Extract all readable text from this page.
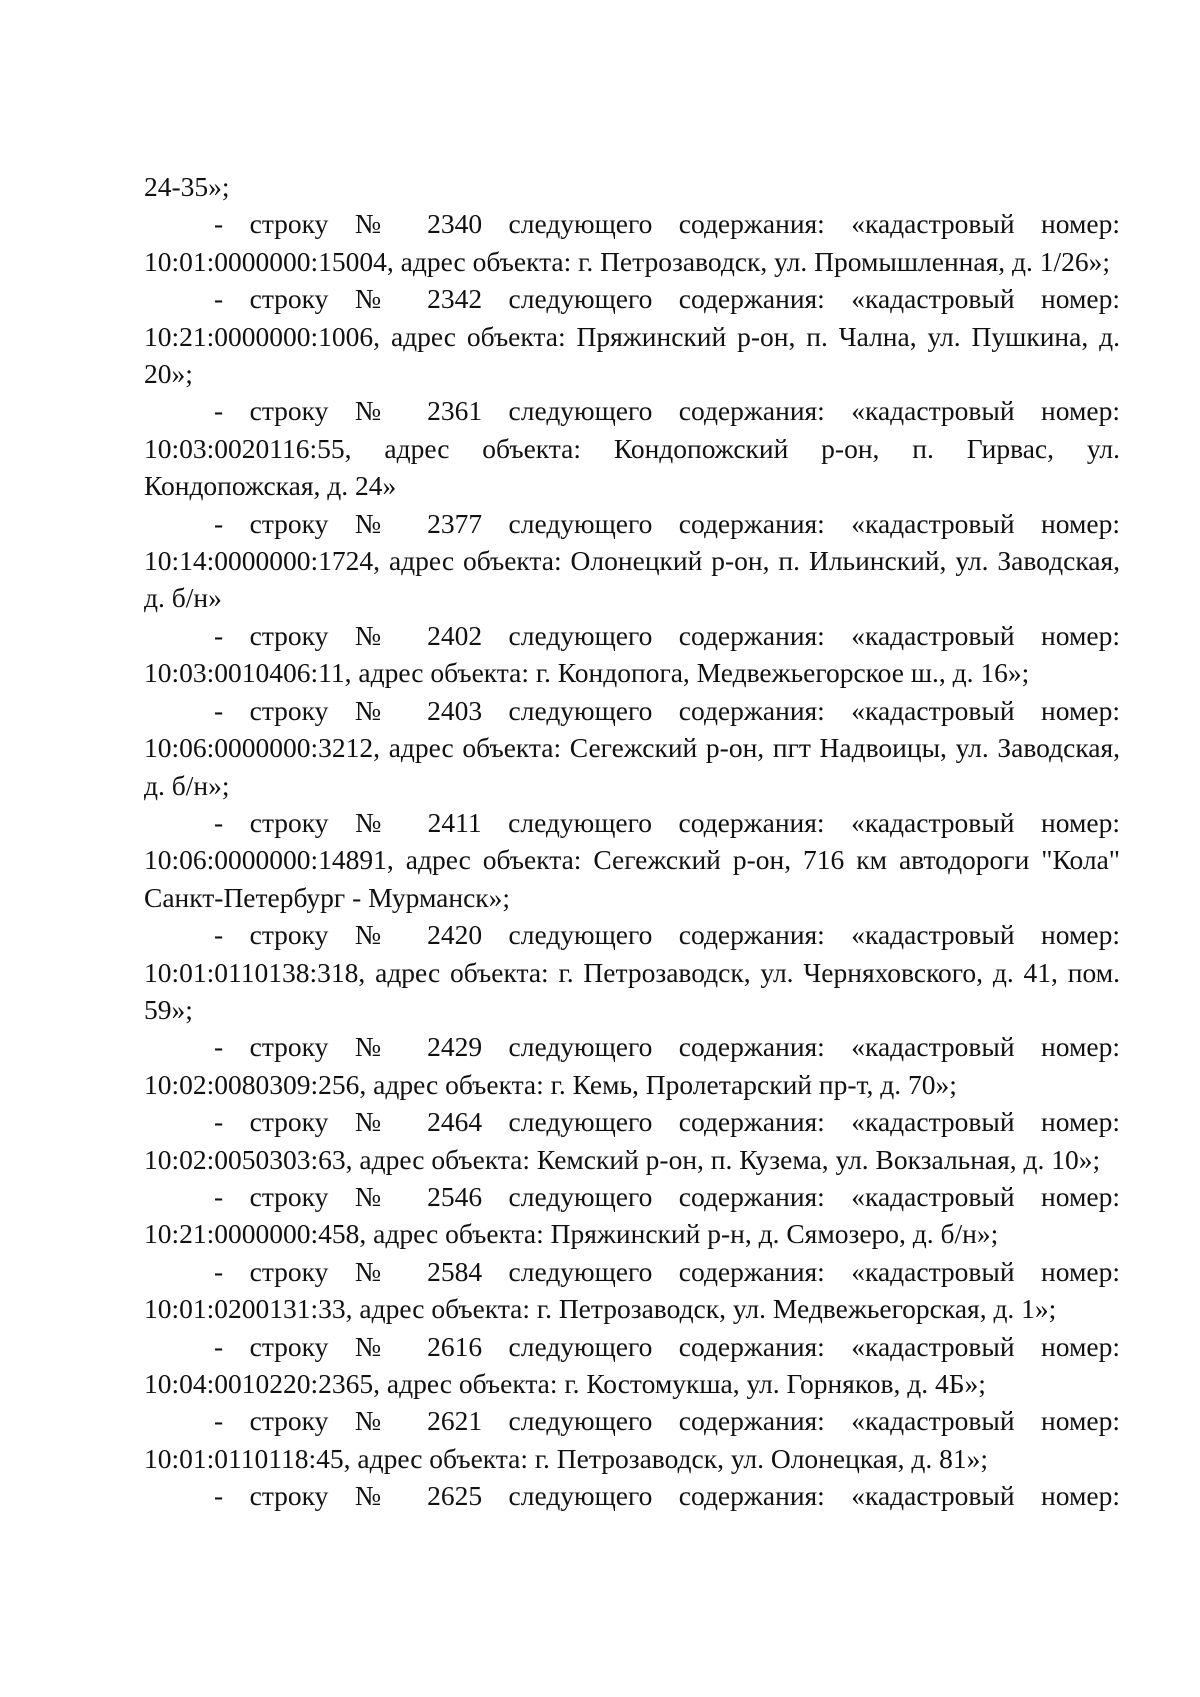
24-35»;

- строку № 2340 следующего содержания: «кадастровый номер: 10:01:0000000:15004, адрес объекта: г. Петрозаводск, ул. Промышленная, д. 1/26»;

- строку № 2342 следующего содержания: «кадастровый номер: 10:21:0000000:1006, адрес объекта: Пряжинский р-он, п. Чална, ул. Пушкина, д. 20»;

- строку № 2361 следующего содержания: «кадастровый номер: 10:03:0020116:55, адрес объекта: Кондопожский р-он, п. Гирвас, ул. Кондопожская, д. 24»

- строку № 2377 следующего содержания: «кадастровый номер: 10:14:0000000:1724, адрес объекта: Олонецкий р-он, п. Ильинский, ул. Заводская, д. б/н»

- строку № 2402 следующего содержания: «кадастровый номер: 10:03:0010406:11, адрес объекта: г. Кондопога, Медвежьегорское ш., д. 16»;

- строку № 2403 следующего содержания: «кадастровый номер: 10:06:0000000:3212, адрес объекта: Сегежский р-он, пгт Надвоицы, ул. Заводская, д. б/н»;

- строку № 2411 следующего содержания: «кадастровый номер: 10:06:0000000:14891, адрес объекта: Сегежский р-он, 716 км автодороги "Кола" Санкт-Петербург - Мурманск»;

- строку № 2420 следующего содержания: «кадастровый номер: 10:01:0110138:318, адрес объекта: г. Петрозаводск, ул. Черняховского, д. 41, пом. 59»;

- строку № 2429 следующего содержания: «кадастровый номер: 10:02:0080309:256, адрес объекта: г. Кемь, Пролетарский пр-т, д. 70»;

- строку № 2464 следующего содержания: «кадастровый номер: 10:02:0050303:63, адрес объекта: Кемский р-он, п. Кузема, ул. Вокзальная, д. 10»;

- строку № 2546 следующего содержания: «кадастровый номер: 10:21:0000000:458, адрес объекта: Пряжинский р-н, д. Сямозеро, д. б/н»;

- строку № 2584 следующего содержания: «кадастровый номер: 10:01:0200131:33, адрес объекта: г. Петрозаводск, ул. Медвежьегорская, д. 1»;

- строку № 2616 следующего содержания: «кадастровый номер: 10:04:0010220:2365, адрес объекта: г. Костомукша, ул. Горняков, д. 4Б»;

- строку № 2621 следующего содержания: «кадастровый номер: 10:01:0110118:45, адрес объекта: г. Петрозаводск, ул. Олонецкая, д. 81»;

- строку № 2625 следующего содержания: «кадастровый номер:
